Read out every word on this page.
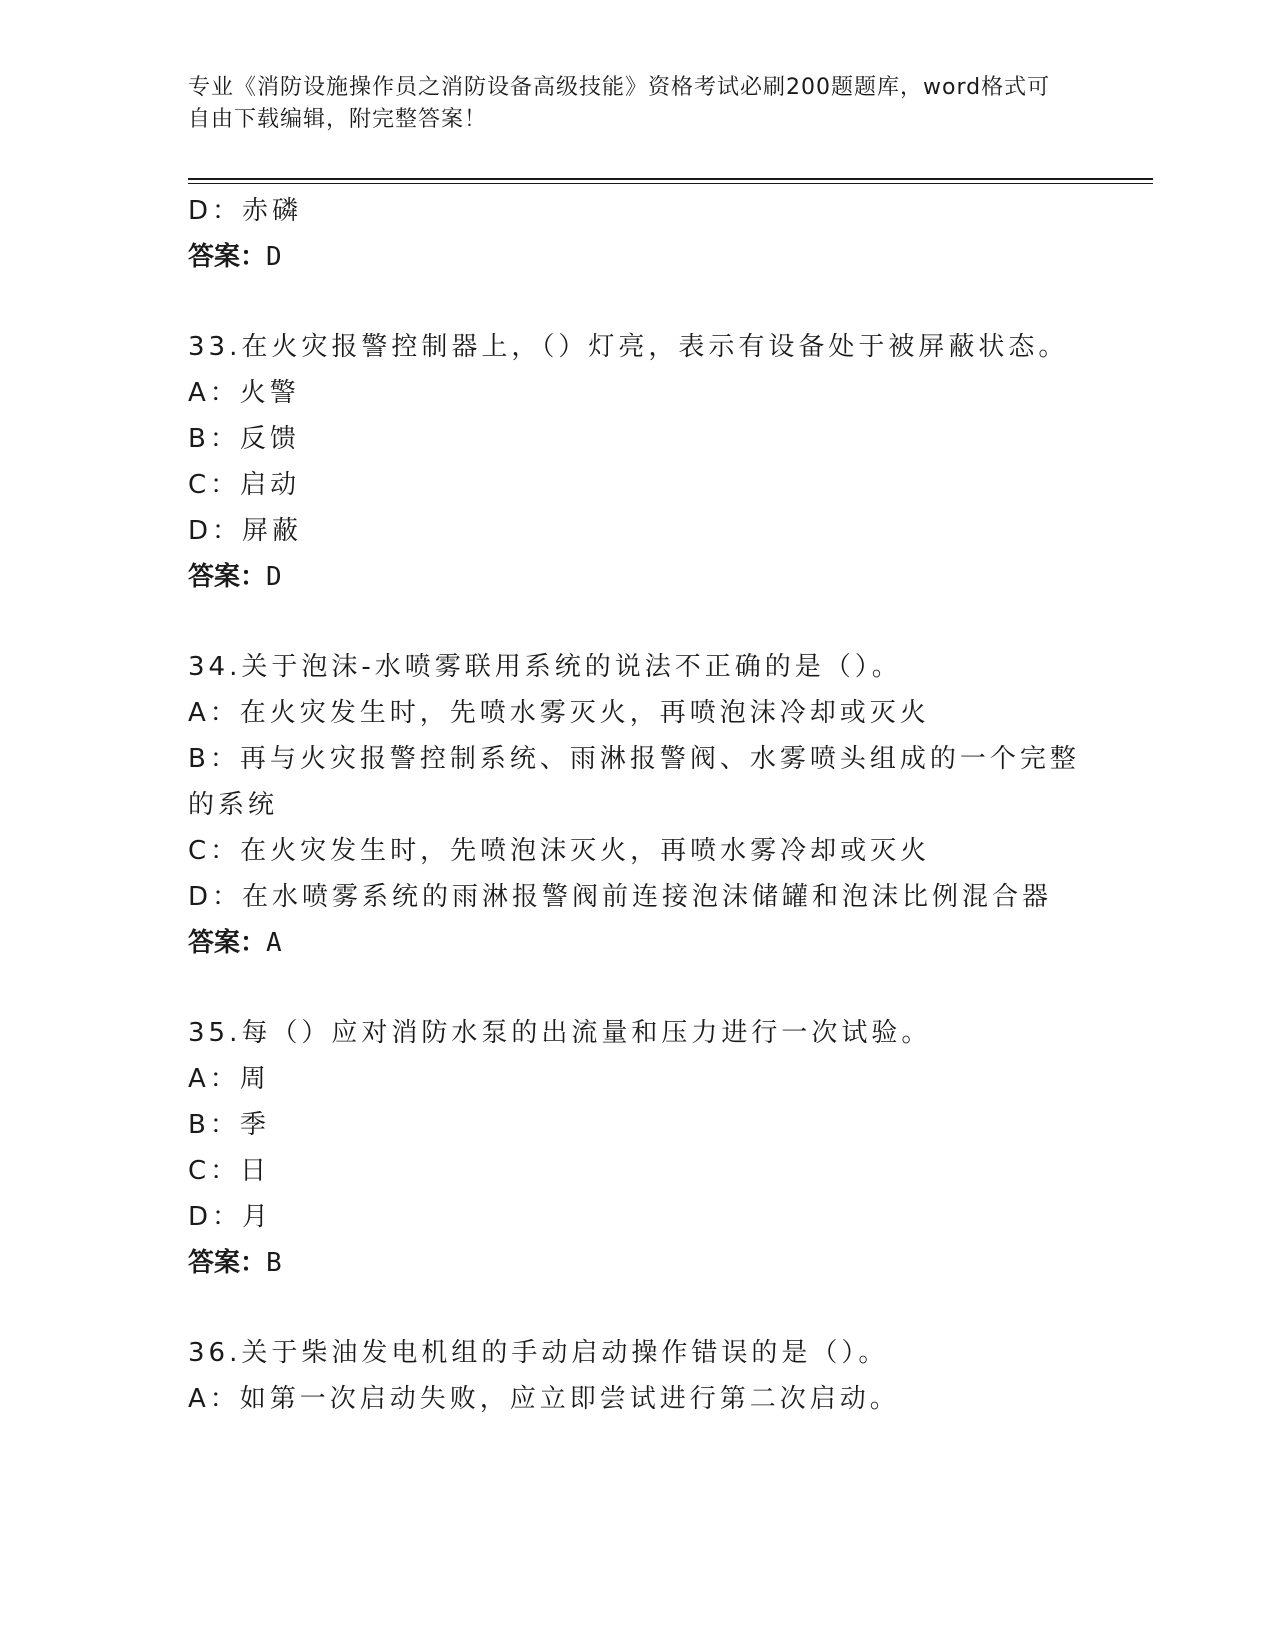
专业《消防设施操作员之消防设备高级技能》资格考试必刷200题题库，word格式可自由下载编辑，附完整答案！
D：赤磷
答案：D
33.在火灾报警控制器上，（）灯亮，表示有设备处于被屏蔽状态。
A：火警
B：反馈
C：启动
D：屏蔽
答案：D
34.关于泡沫-水喷雾联用系统的说法不正确的是（）。
A：在火灾发生时，先喷水雾灭火，再喷泡沫冷却或灭火
B：再与火灾报警控制系统、雨淋报警阀、水雾喷头组成的一个完整的系统
C：在火灾发生时，先喷泡沫灭火，再喷水雾冷却或灭火
D：在水喷雾系统的雨淋报警阀前连接泡沫储罐和泡沫比例混合器
答案：A
35.每（）应对消防水泵的出流量和压力进行一次试验。
A：周
B：季
C：日
D：月
答案：B
36.关于柴油发电机组的手动启动操作错误的是（）。
A：如第一次启动失败，应立即尝试进行第二次启动。
